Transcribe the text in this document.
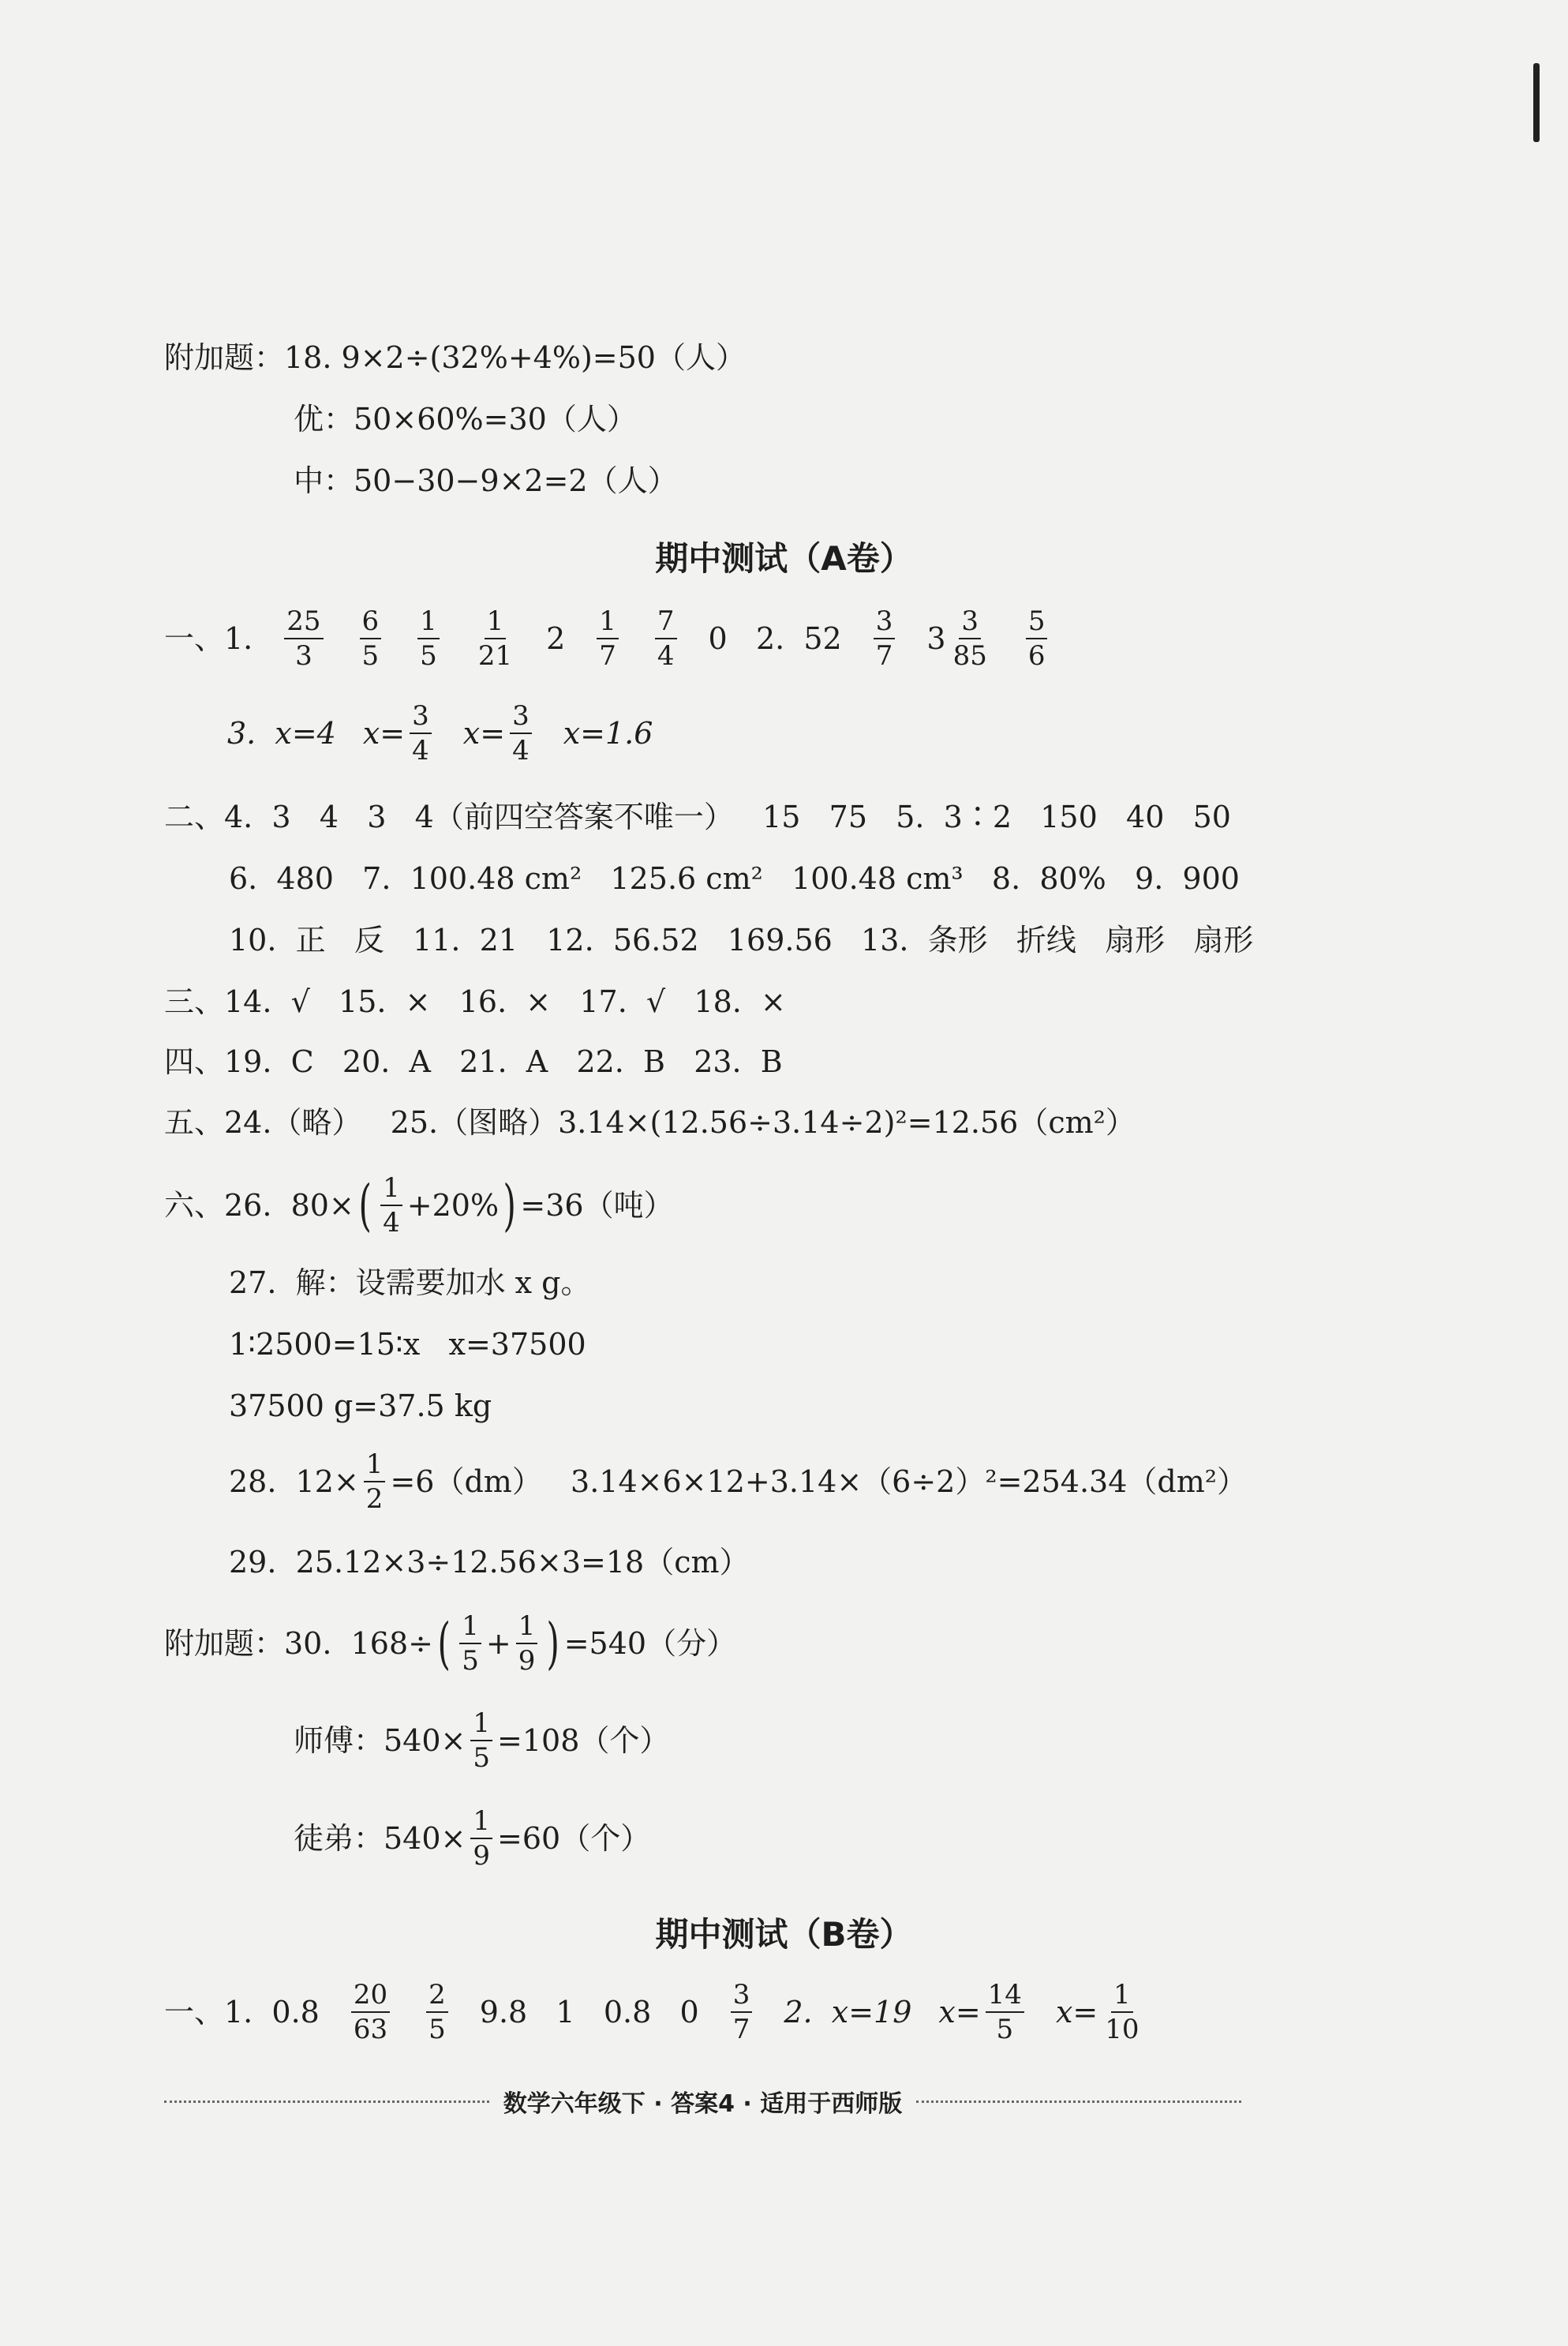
附加题：18. 9×2÷(32%+4%)=50（人）
优：50×60%=30（人）
中：50−30−9×2=2（人）
期中测试（A卷）
一、1. $\frac{25}{3} \frac{6}{5} \frac{1}{5} \frac{1}{21} 2 \frac{1}{7} \frac{7}{4} 0$   2.  $52 \frac{3}{7} 3 \frac{3}{85} \frac{5}{6}$
3.  x=4 $x= \frac{3}{4} x= \frac{3}{4} x=1.6$
二、4.  3   4   3   4（前四空答案不唯一）   15   75   5.  3∶2   150   40   50
6.  480   7.  100.48 cm²   125.6 cm²   100.48 cm³   8.  80%   9.  900
10.  正   反   11.  21   12.  56.52   169.56   13.  条形   折线   扇形   扇形
三、14.  √   15.  ×   16.  ×   17.  √   18.  ×
四、19.  C   20.  A   21.  A   22.  B   23.  B
五、24.（略）   25.（图略）3.14×(12.56÷3.14÷2)²=12.56（cm²）
六、26.  80× ( $\frac{1}{4} +20\%$ ) =36（吨）
27.  解：设需要加水 x g。
1∶2500=15∶x   x=37500
37500 g=37.5 kg
28.  $12\times \frac{1}{2} =6(dm)$   3.14×6×12+3.14×（6÷2）²=254.34（dm²）
29.  25.12×3÷12.56×3=18（cm）
附加题：30.  168÷ ( $\frac{1}{5} + \frac{1}{9}$ ) =540（分）
师傅：$540\times \frac{1}{5} =108$（个）
徒弟：$540\times \frac{1}{9} =60$（个）
期中测试（B卷）
一、1.  $0.8 \frac{20}{63} \frac{2}{5} 9.8$   1   0.8   $0 \frac{3}{7} 2$.  x=19 $x= \frac{14}{5} x= \frac{1}{10}$
数学六年级下 · 答案4 · 适用于西师版
